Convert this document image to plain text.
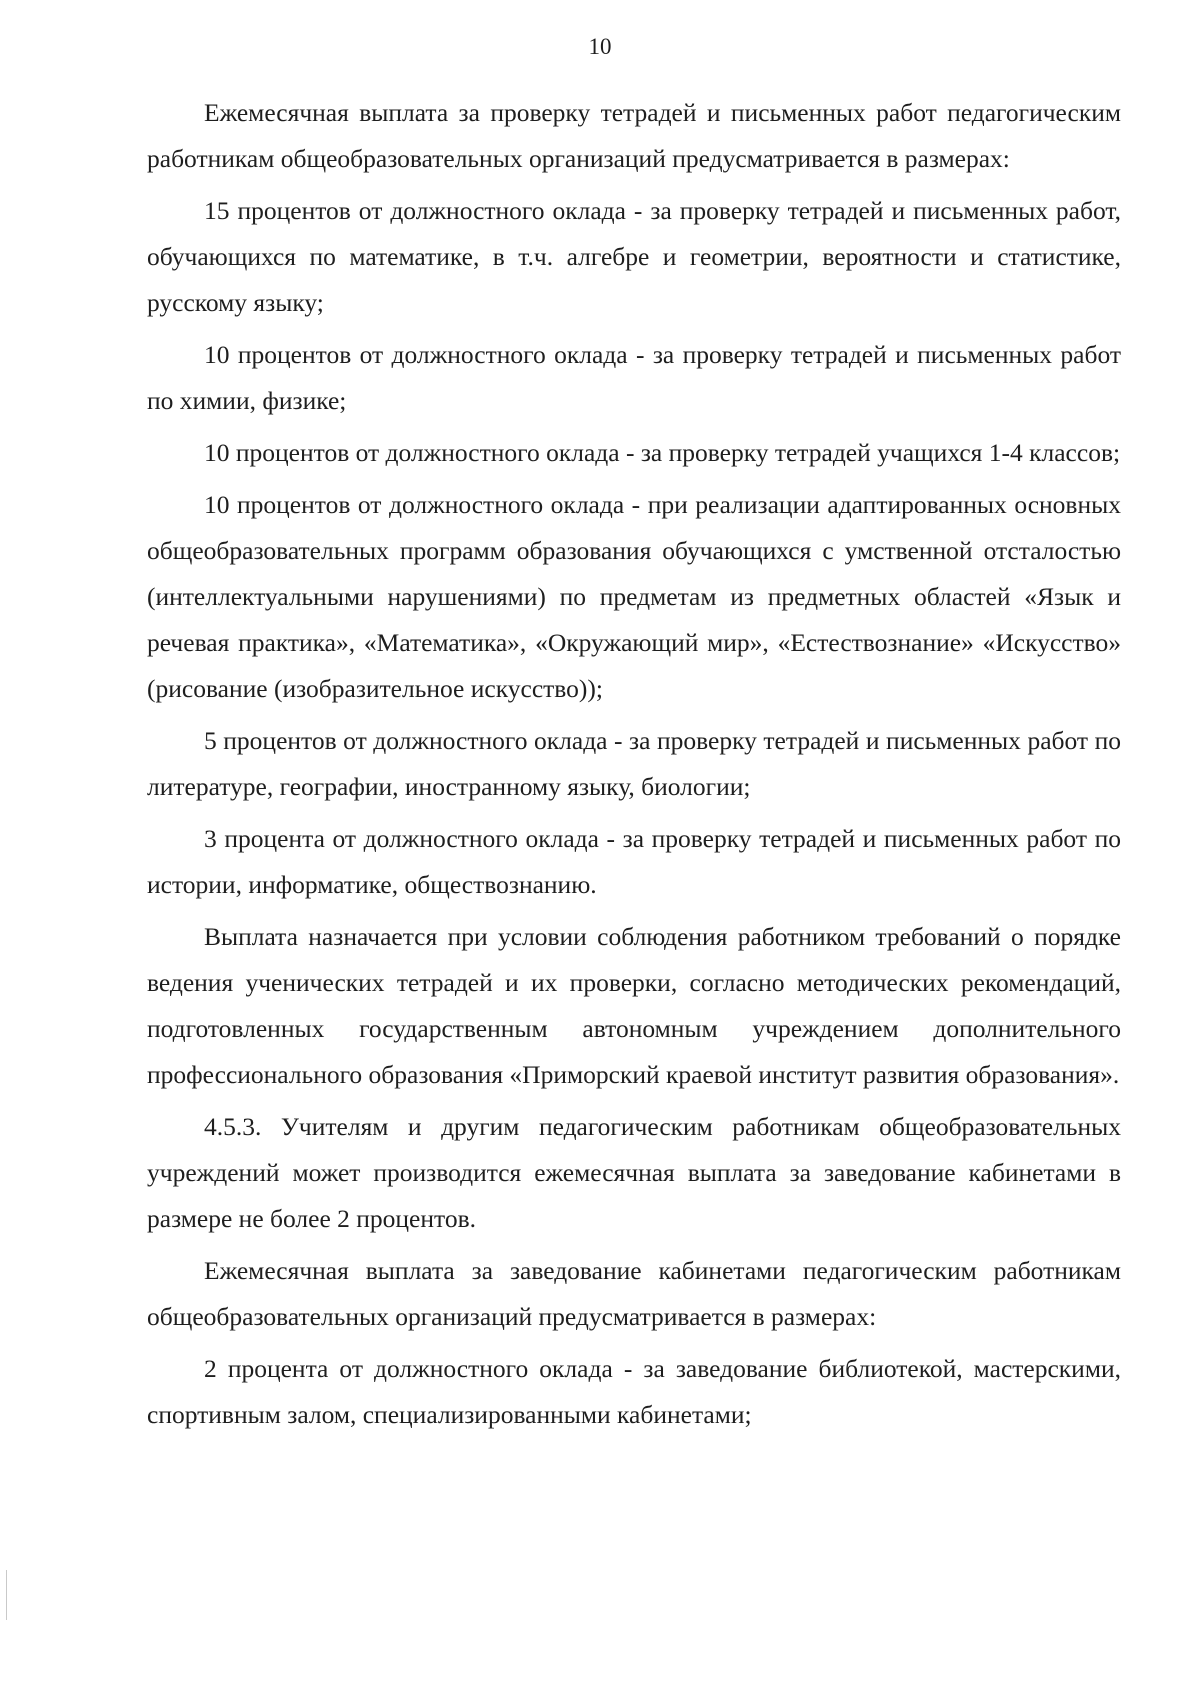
10

Ежемесячная выплата за проверку тетрадей и письменных работ педагогическим работникам общеобразовательных организаций предусматривается в размерах:

15 процентов от должностного оклада - за проверку тетрадей и письменных работ, обучающихся по математике, в т.ч. алгебре и геометрии, вероятности и статистике, русскому языку;

10 процентов от должностного оклада - за проверку тетрадей и письменных работ по химии, физике;

10 процентов от должностного оклада - за проверку тетрадей учащихся 1-4 классов;

10 процентов от должностного оклада - при реализации адаптированных основных общеобразовательных программ образования обучающихся с умственной отсталостью (интеллектуальными нарушениями) по предметам из предметных областей «Язык и речевая практика», «Математика», «Окружающий мир», «Естествознание» «Искусство» (рисование (изобразительное искусство));

5 процентов от должностного оклада - за проверку тетрадей и письменных работ по литературе, географии, иностранному языку, биологии;

3 процента от должностного оклада - за проверку тетрадей и письменных работ по истории, информатике, обществознанию.

Выплата назначается при условии соблюдения работником требований о порядке ведения ученических тетрадей и их проверки, согласно методических рекомендаций, подготовленных государственным автономным учреждением дополнительного профессионального образования «Приморский краевой институт развития образования».

4.5.3. Учителям и другим педагогическим работникам общеобразовательных учреждений может производится ежемесячная выплата за заведование кабинетами в размере не более 2 процентов.

Ежемесячная выплата за заведование кабинетами педагогическим работникам общеобразовательных организаций предусматривается в размерах:

2 процента от должностного оклада - за заведование библиотекой, мастерскими, спортивным залом, специализированными кабинетами;
